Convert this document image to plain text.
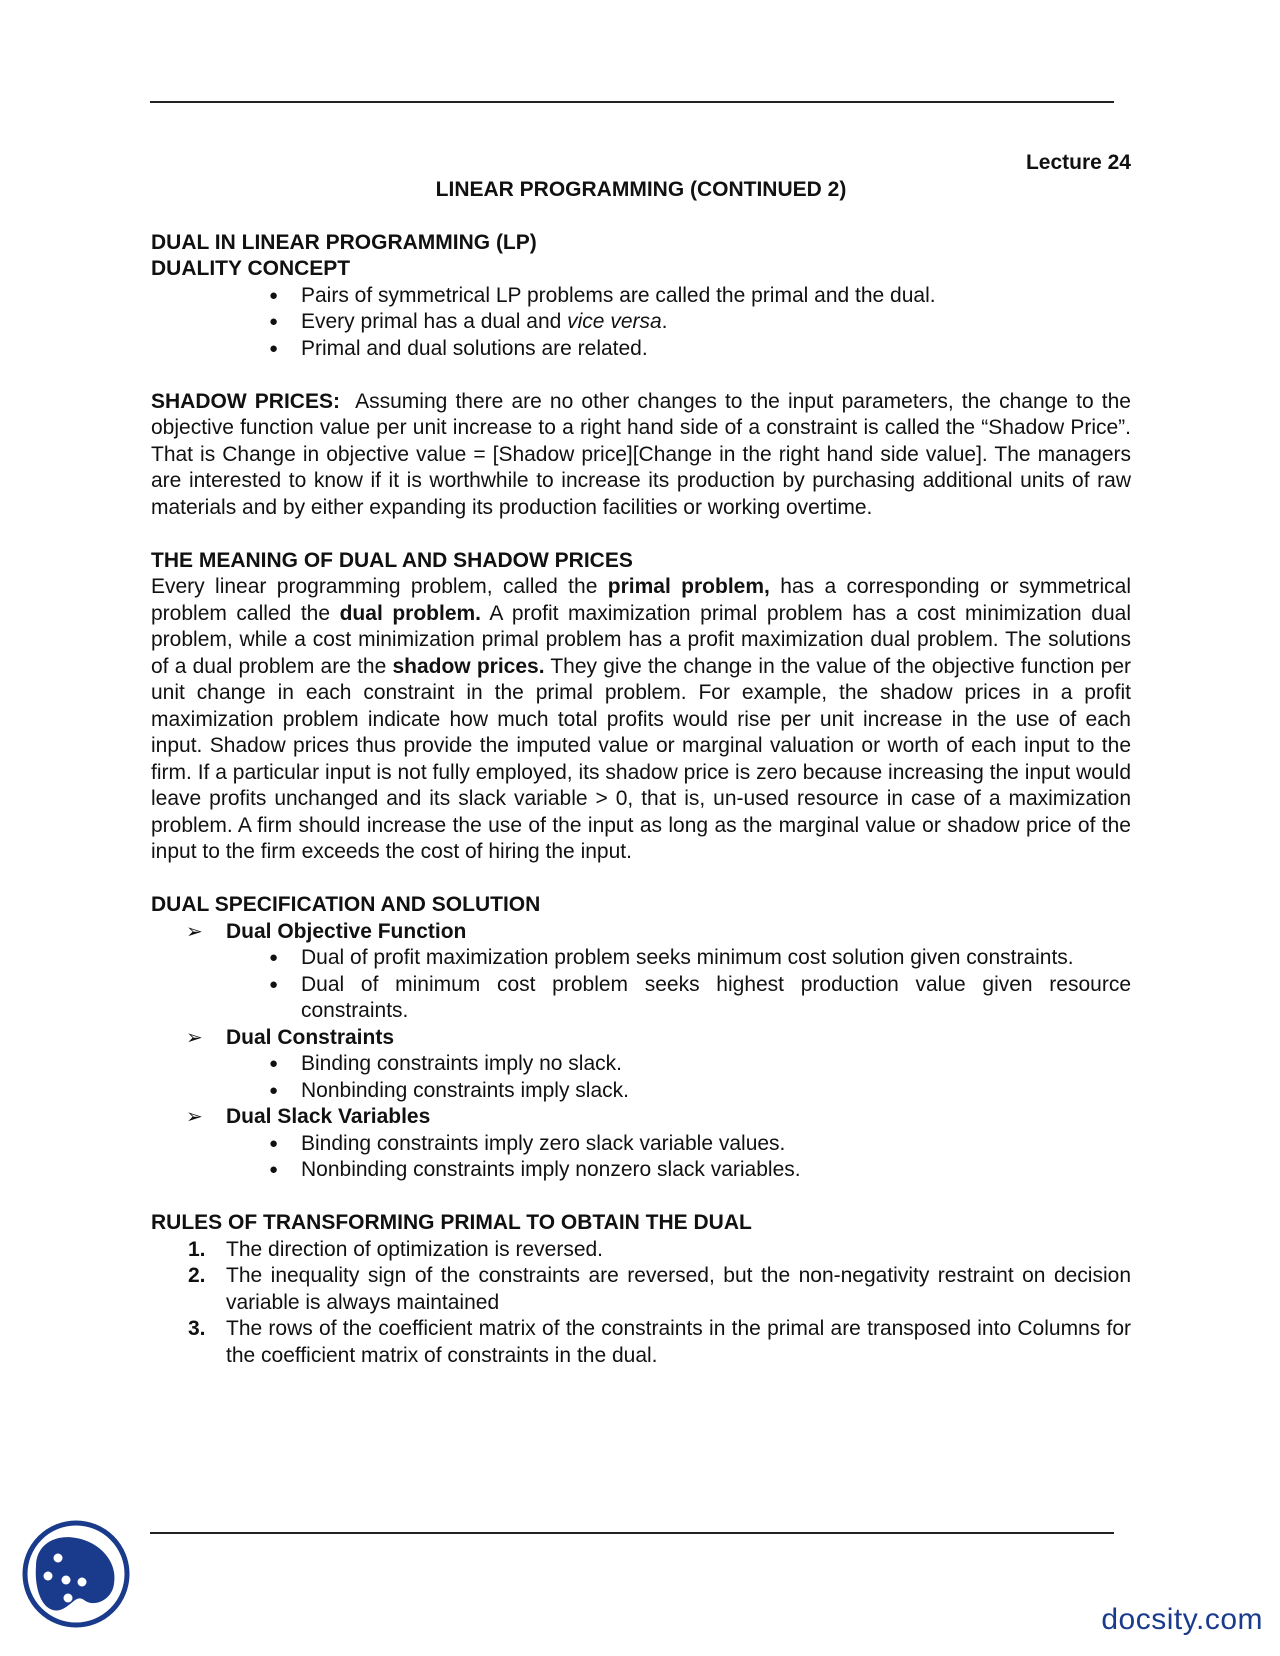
Lecture 24
LINEAR PROGRAMMING (CONTINUED 2)
DUAL IN LINEAR PROGRAMMING (LP)
DUALITY CONCEPT
● Pairs of symmetrical LP problems are called the primal and the dual.
● Every primal has a dual and vice versa.
● Primal and dual solutions are related.

SHADOW PRICES: Assuming there are no other changes to the input parameters, the change to the objective function value per unit increase to a right hand side of a constraint is called the “Shadow Price”. That is Change in objective value = [Shadow price][Change in the right hand side value]. The managers are interested to know if it is worthwhile to increase its production by purchasing additional units of raw materials and by either expanding its production facilities or working overtime.

THE MEANING OF DUAL AND SHADOW PRICES

Every linear programming problem, called the primal problem, has a corresponding or symmetrical problem called the dual problem. A profit maximization primal problem has a cost minimization dual problem, while a cost minimization primal problem has a profit maximization dual problem. The solutions of a dual problem are the shadow prices. They give the change in the value of the objective function per unit change in each constraint in the primal problem. For example, the shadow prices in a profit maximization problem indicate how much total profits would rise per unit increase in the use of each input. Shadow prices thus provide the imputed value or marginal valuation or worth of each input to the firm. If a particular input is not fully employed, its shadow price is zero because increasing the input would leave profits unchanged and its slack variable > 0, that is, un-used resource in case of a maximization problem. A firm should increase the use of the input as long as the marginal value or shadow price of the input to the firm exceeds the cost of hiring the input.

DUAL SPECIFICATION AND SOLUTION
➢ Dual Objective Function
● Dual of profit maximization problem seeks minimum cost solution given constraints.
● Dual of minimum cost problem seeks highest production value given resource constraints.
➢ Dual Constraints
● Binding constraints imply no slack.
● Nonbinding constraints imply slack.
➢ Dual Slack Variables
● Binding constraints imply zero slack variable values.
● Nonbinding constraints imply nonzero slack variables.
RULES OF TRANSFORMING PRIMAL TO OBTAIN THE DUAL
1. The direction of optimization is reversed.
2. The inequality sign of the constraints are reversed, but the non-negativity restraint on decision variable is always maintained
3. The rows of the coefficient matrix of the constraints in the primal are transposed into Columns for the coefficient matrix of constraints in the dual.
docsity.com
